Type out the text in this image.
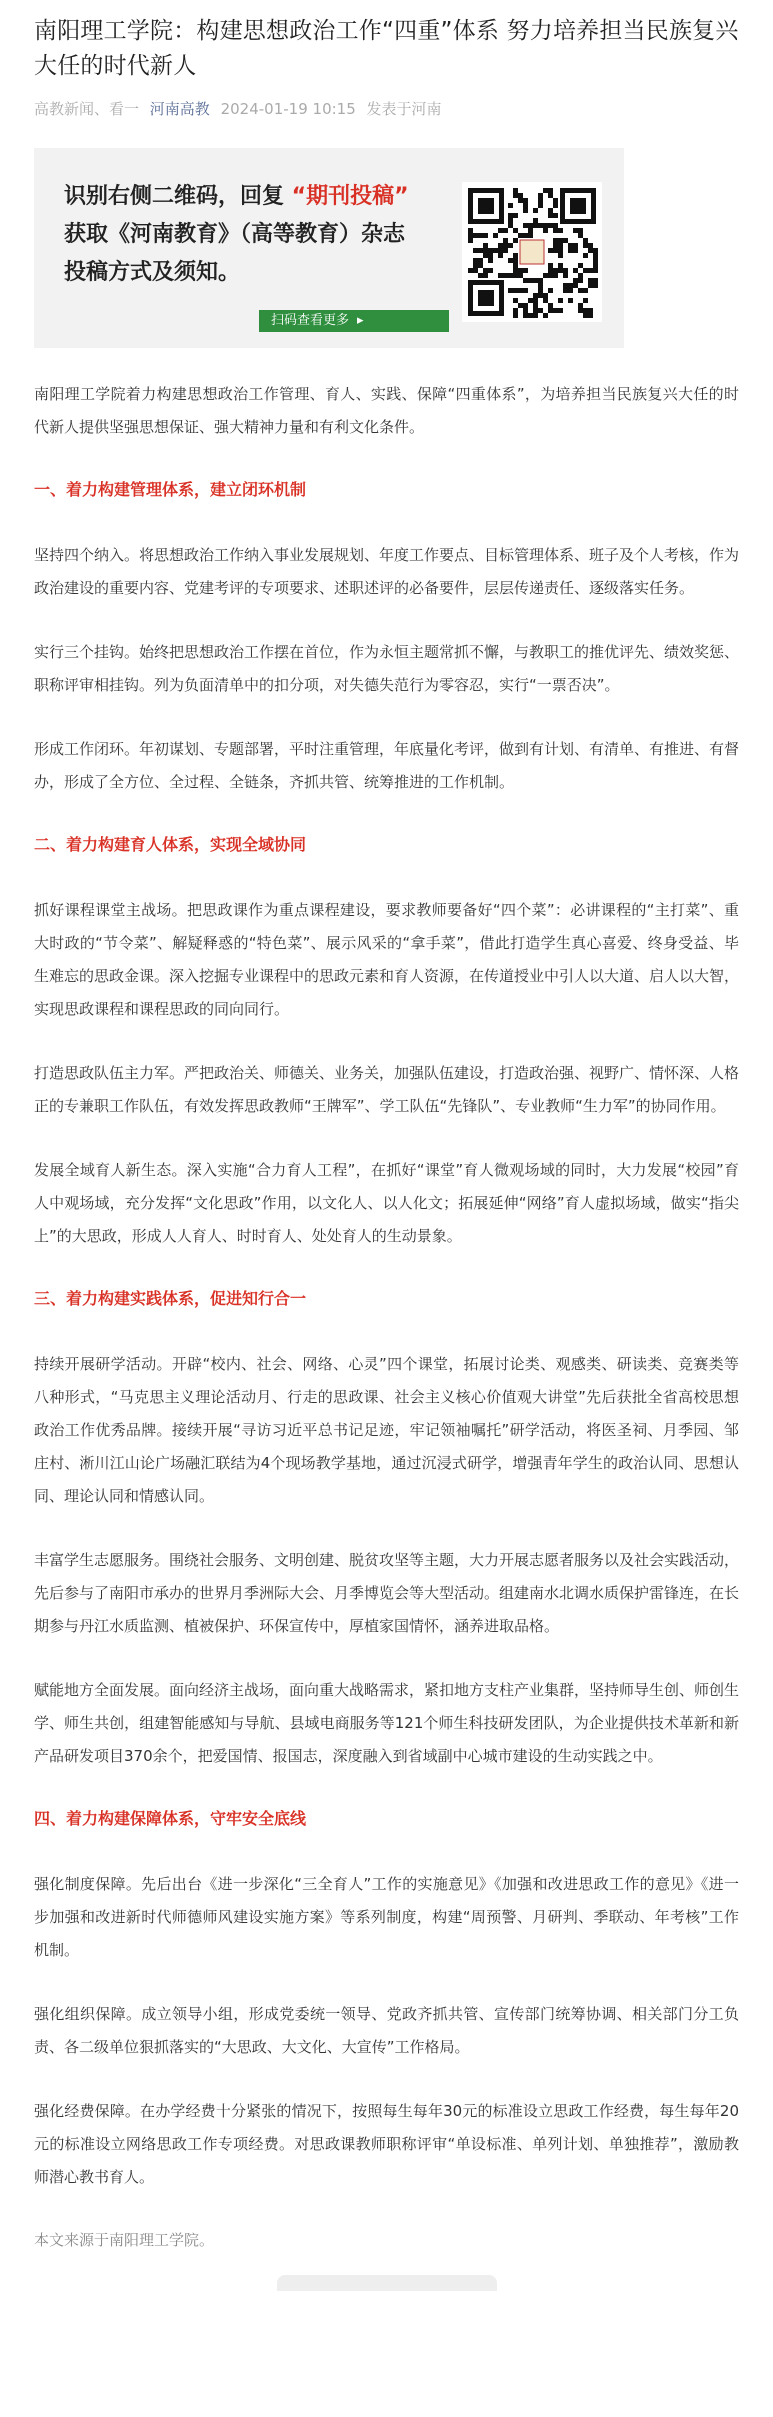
南阳理工学院：构建思想政治工作“四重”体系 努力培养担当民族复兴大任的时代新人
高教新闻、看一 河南高教 2024-01-19 10:15 发表于河南
识别右侧二维码，回复 “期刊投稿”
获取《河南教育》（高等教育）杂志
投稿方式及须知。
扫码查看更多 ▸

南阳理工学院着力构建思想政治工作管理、育人、实践、保障“四重体系”，为培养担当民族复兴大任的时代新人提供坚强思想保证、强大精神力量和有利文化条件。

一、着力构建管理体系，建立闭环机制

坚持四个纳入。将思想政治工作纳入事业发展规划、年度工作要点、目标管理体系、班子及个人考核，作为政治建设的重要内容、党建考评的专项要求、述职述评的必备要件，层层传递责任、逐级落实任务。

实行三个挂钩。始终把思想政治工作摆在首位，作为永恒主题常抓不懈，与教职工的推优评先、绩效奖惩、职称评审相挂钩。列为负面清单中的扣分项，对失德失范行为零容忍，实行“一票否决”。

形成工作闭环。年初谋划、专题部署，平时注重管理，年底量化考评，做到有计划、有清单、有推进、有督办，形成了全方位、全过程、全链条，齐抓共管、统筹推进的工作机制。

二、着力构建育人体系，实现全域协同

抓好课程课堂主战场。把思政课作为重点课程建设，要求教师要备好“四个菜”：必讲课程的“主打菜”、重大时政的“节令菜”、解疑释惑的“特色菜”、展示风采的“拿手菜”，借此打造学生真心喜爱、终身受益、毕生难忘的思政金课。深入挖掘专业课程中的思政元素和育人资源，在传道授业中引人以大道、启人以大智，实现思政课程和课程思政的同向同行。

打造思政队伍主力军。严把政治关、师德关、业务关，加强队伍建设，打造政治强、视野广、情怀深、人格正的专兼职工作队伍，有效发挥思政教师“王牌军”、学工队伍“先锋队”、专业教师“生力军”的协同作用。

发展全域育人新生态。深入实施“合力育人工程”，在抓好“课堂”育人微观场域的同时，大力发展“校园”育人中观场域，充分发挥“文化思政”作用，以文化人、以人化文；拓展延伸“网络”育人虚拟场域，做实“指尖上”的大思政，形成人人育人、时时育人、处处育人的生动景象。

三、着力构建实践体系，促进知行合一

持续开展研学活动。开辟“校内、社会、网络、心灵”四个课堂，拓展讨论类、观感类、研读类、竞赛类等八种形式，“马克思主义理论活动月、行走的思政课、社会主义核心价值观大讲堂”先后获批全省高校思想政治工作优秀品牌。接续开展“寻访习近平总书记足迹，牢记领袖嘱托”研学活动，将医圣祠、月季园、邹庄村、淅川江山论广场融汇联结为4个现场教学基地，通过沉浸式研学，增强青年学生的政治认同、思想认同、理论认同和情感认同。

丰富学生志愿服务。围绕社会服务、文明创建、脱贫攻坚等主题，大力开展志愿者服务以及社会实践活动，先后参与了南阳市承办的世界月季洲际大会、月季博览会等大型活动。组建南水北调水质保护雷锋连，在长期参与丹江水质监测、植被保护、环保宣传中，厚植家国情怀，涵养进取品格。

赋能地方全面发展。面向经济主战场，面向重大战略需求，紧扣地方支柱产业集群，坚持师导生创、师创生学、师生共创，组建智能感知与导航、县域电商服务等121个师生科技研发团队，为企业提供技术革新和新产品研发项目370余个，把爱国情、报国志，深度融入到省域副中心城市建设的生动实践之中。

四、着力构建保障体系，守牢安全底线

强化制度保障。先后出台《进一步深化“三全育人”工作的实施意见》《加强和改进思政工作的意见》《进一步加强和改进新时代师德师风建设实施方案》等系列制度，构建“周预警、月研判、季联动、年考核”工作机制。

强化组织保障。成立领导小组，形成党委统一领导、党政齐抓共管、宣传部门统筹协调、相关部门分工负责、各二级单位狠抓落实的“大思政、大文化、大宣传”工作格局。

强化经费保障。在办学经费十分紧张的情况下，按照每生每年30元的标准设立思政工作经费，每生每年20元的标准设立网络思政工作专项经费。对思政课教师职称评审“单设标准、单列计划、单独推荐”，激励教师潜心教书育人。

本文来源于南阳理工学院。
